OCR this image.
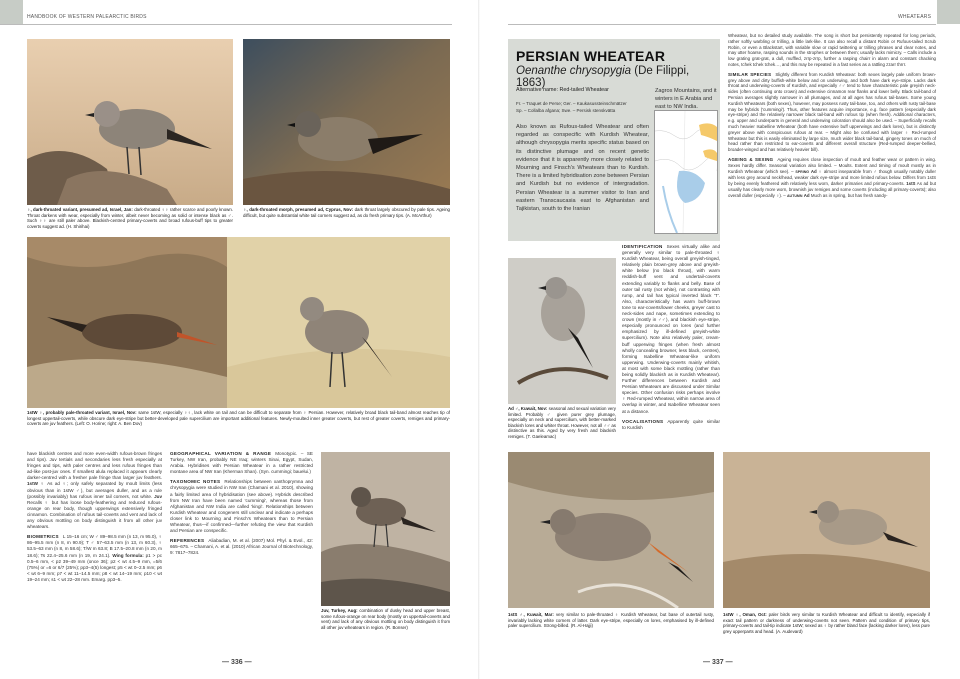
HANDBOOK OF WESTERN PALEARCTIC BIRDS
♀, dark-throated variant, presumed ad, Israel, Jan: dark-throated ♀♀ rather scarce and poorly known. Throat darkens with wear, especially from winter, albeit never becoming as solid or intense black as ♂. Such ♀♀ are still paler above. Blackish-centred primary-coverts and broad rufous-buff tips to greater coverts suggest ad. (H. Shirihai)
♀, dark-throated morph, presumed ad, Cyprus, Nov: dark throat largely obscured by pale tips. Ageing difficult, but quite substantial white tail corners suggest ad, as do fresh primary tips. (A. McArthur)
1stW ♀, probably pale-throated variant, Israel, Nov: same 1stW, especially ♀♀, lack white on tail and can be difficult to separate from ♀ Persian. However, relatively broad black tail-band almost reaches tip of longest uppertail-coverts, while obscure dark eye-stripe but better-developed pale supercilium are important additional features. Newly-moulted inner greater coverts, but rest of greater coverts, remiges and primary-coverts are juv feathers. (Left: O. Horine; right: A. Ben Dov)

have blackish centres and more even-width rufous-brown fringes and tips). Juv tertials and secondaries less fresh especially at fringes and tips, with paler centres and less rufous fringes than ad-like post-juv ones. If smallest alula replaced it appears clearly darker-centred with a fresher pale fringe than larger juv feathers. 1stW ♀ As ad ♀; only safely separated by moult limits (less obvious than in 1stW ♂), but averages duller, and as a rule (possibly invariably) has rufous inner tail corners, not white. Juv Recalls ♀ but has loose body-feathering and reduced rufous-orange on rear body, though upperwings extensively fringed cinnamon. Combination of rufous tail-coverts and vent and lack of any obvious mottling on body distinguish it from all other juv wheatears.

BIOMETRICS L 15–16 cm; W ♂ 89–98.5 mm (n 13, m 95.0), ♀ 86–95.5 mm (n 8, m 90.9); T ♂ 57–63.5 mm (n 13, m 60.3), ♀ 53.5–63 mm (n 8, m 58.6); T/W m 63.8; B 17.5–20.8 mm (n 20, m 18.6); Ts 22.4–25.6 mm (n 19, m 24.1). Wing formula: p1 > pc 0.5–6 mm, < p2 39–49 mm (once 36); p2 < wt 4.5–9 mm, =5/6 (75%) or =6 or 6/7 (25%); pp3–4(5) longest; p5 < wt 0–2.5 mm; p6 < wt 6–9 mm; p7 < wt 11–14.5 mm; p8 < wt 14–19 mm; p10 < wt 19–24 mm; s1 < wt 22–28 mm. Emarg. pp3–5.

GEOGRAPHICAL VARIATION & RANGE Monotypic. – SE Turkey, NW Iran, probably NE Iraq; winters Sinai, Egypt, Sudan, Arabia. Hybridises with Persian Wheatear in a rather restricted montane area of NW Iran (Kherman Shan). (Syn. cummingi; bauelui.)

TAXONOMIC NOTES Relationships between xanthoprymna and chrysopygia were studied in NW Iran (Chamani et al. 2010), showing a fairly limited area of hybridisation (see above). Hybrids described from NW Iran have been named 'cummingi', whereas those from Afghanistan and NW India are called 'kingi'. Relationships between Kurdish Wheatear and congeners still unclear and indicate a perhaps closer link to Mourning and Finsch's Wheatears than to Persian Wheatear, thus—if confirmed—further refuting the view that Kurdish and Persian are conspecific.

REFERENCES Aliabadian, M. et al. (2007) Mol. Phyl. & Evol., 42: 665–675. – Chamani, A. et al. (2010) African Journal of Biotechnology, 9: 7817–7824.

Juv, Turkey, Aug: combination of dusky head and upper breast, some rufous-orange on rear body (mostly on uppertail-coverts and vent) and lack of any obvious mottling on body distinguish it from all other juv wheatears in region. (R. Bonser)
— 336 —
WHEATEARS
PERSIAN WHEATEAR
Oenanthe chrysopygia (De Filippi, 1863)
Alternative name: Red-tailed Wheatear
Fr. – Traquet de Perse; Ger. – Kaukasussteinschmätzer
Sp. – Collalba afgana; Swe. – Persisk stenskvätta
Also known as Rufous-tailed Wheatear and often regarded as conspecific with Kurdish Wheatear, although chrysopygia merits specific status based on its distinctive plumage and on recent genetic evidence that it is apparently more closely related to Mourning and Finsch's Wheatears than to Kurdish. There is a limited hybridisation zone between Persian and Kurdish but no evidence of intergradation. Persian Wheatear is a summer visitor to Iran and eastern Transcaucasia east to Afghanistan and Tajikistan, south to the Iranian
Zagros Mountains, and it winters in E Arabia and east to NW India.
Ad ♂, Kuwait, Nov: seasonal and sexual variation very limited. Probably ♂ given purer grey plumage, especially on neck and supercilium, with better-marked blackish lores and whiter throat. However, not all ♂♂ as distinctive as this. Aged by very fresh and blackish remiges. (T. Gaeleamac)

IDENTIFICATION Sexes virtually alike and generally very similar to pale-throated ♀ Kurdish Wheatear, being overall greyish-tinged, relatively plain brown-grey above and greyish-white below (no black throat), with warm reddish-buff vent and undertail-coverts extending variably to flanks and belly. Base of outer tail rusty (not white), not contrasting with rump, and tail has typical inverted black 'T'. Also, characteristically has warm buff-brown tone to ear-coverts/lower cheeks, greyer cast to neck-sides and nape, sometimes extending to crown (mostly in ♂♂), and blackish eye-stripe, especially pronounced on lores (and further emphasized by ill-defined greyish-white supercilium). Note also relatively paler, cream-buff upperwing fringes (when fresh almost wholly concealing browner, less black, centres), forming Isabelline Wheatear-like uniform upperwing. Underwing-coverts mainly whitish, at most with some black mottling (rather than being solidly blackish as in Kurdish Wheatear). Further differences between Kurdish and Persian Wheatears are discussed under Similar species. Other confusion risks perhaps involve ♀ Red-rumped Wheatear, within narrow area of overlap in winter, and Isabelline Wheatear seen at a distance.

VOCALISATIONS Apparently quite similar to Kurdish

Wheatear, but no detailed study available. The song is short but persistently repeated for long periods, rather softly warbling or trilling, a little lark-like. It can also recall a distant Robin or Rufous-tailed Scrub Robin, or even a Blackstart, with variable slow or rapid twittering or trilling phrases and clear notes, and may utter hoarse, rasping sounds in the strophes or between them; usually lacks mimicry. – Calls include a low grating grat-grat, a dull, muffled, zrrp-zrrp, further a rasping chairr in alarm and constant chacking notes, tchek tchek tchek…, and this may be repeated in a fast series as a rattling zzarr thrrr.

SIMILAR SPECIES Slightly different from Kurdish Wheatear: both sexes largely pale uniform brown-grey above and dirty buffish-white below and on underwing, and both have dark eye-stripe. Lacks dark throat and underwing-coverts of Kurdish, and especially ♂♂ tend to have characteristic pale greyish neck-sides (often continuing onto crown) and extensive cinnamon rear flanks and lower belly. Black tail-band of Persian averages slightly narrower in all plumages, and at all ages has rufous tail-bases. Some young Kurdish Wheatears (both sexes), however, may possess rusty tail-base, too, and others with rusty tail-base may be hybrids ('cummingi'). Thus, other features acquire importance, e.g. face pattern (especially dark eye-stripe) and the relatively narrower black tail-band with rufous tip (when fresh). Additional characters, e.g. upper and underparts in general and underwing coloration should also be used. – Superficially recalls much heavier Isabelline Wheatear (both have extensive buff upperwings and dark lores), but is distinctly greyer above with conspicuous rufous at rear. – Might also be confused with larger ♀ Red-rumped Wheatear but this is easily eliminated by large size, much wider black tail-band, gingery tones on much of head rather than restricted to ear-coverts and different overall structure (Red-rumped deeper-bellied, broader-winged and has relatively heavier bill).

AGEING & SEXING Ageing requires close inspection of moult and feather wear or pattern in wing. Sexes hardly differ. Seasonal variation also limited. – Moults. Extent and timing of moult mostly as in Kurdish Wheatear (which see). – SPRING Ad ♀ almost inseparable from ♂ though usually notably duller with less grey around neck/head, weaker dark eye-stripe and more limited rufous below. Differs from 1stS by being evenly feathered with relatively less worn, darker primaries and primary-coverts. 1stS As ad but usually has clearly more worn, brownish juv remiges and some coverts (including all primary-coverts); also overall duller (especially ♀). – AUTUMN Ad Much as in spring, but has fresh sandy-

1stS ♂, Kuwait, Mar: very similar to pale-throated ♀ Kurdish Wheatear, but base of outertail rusty, invariably lacking white corners of latter. Dark eye-stripe, especially on lores, emphasised by ill-defined paler supercilium. Strong-billed. (R. Al-Hajji)
1stW ♀, Oman, Oct: paler birds very similar to Kurdish Wheatear and difficult to identify, especially if exact tail pattern or darkness of underwing-coverts not seen. Pattern and condition of primary tips, primary-coverts and tail-tip indicate 1stW; sexed as ♀ by rather bland face (lacking darker lores), less pure grey upperparts and head. (A. Audevard)
— 337 —
